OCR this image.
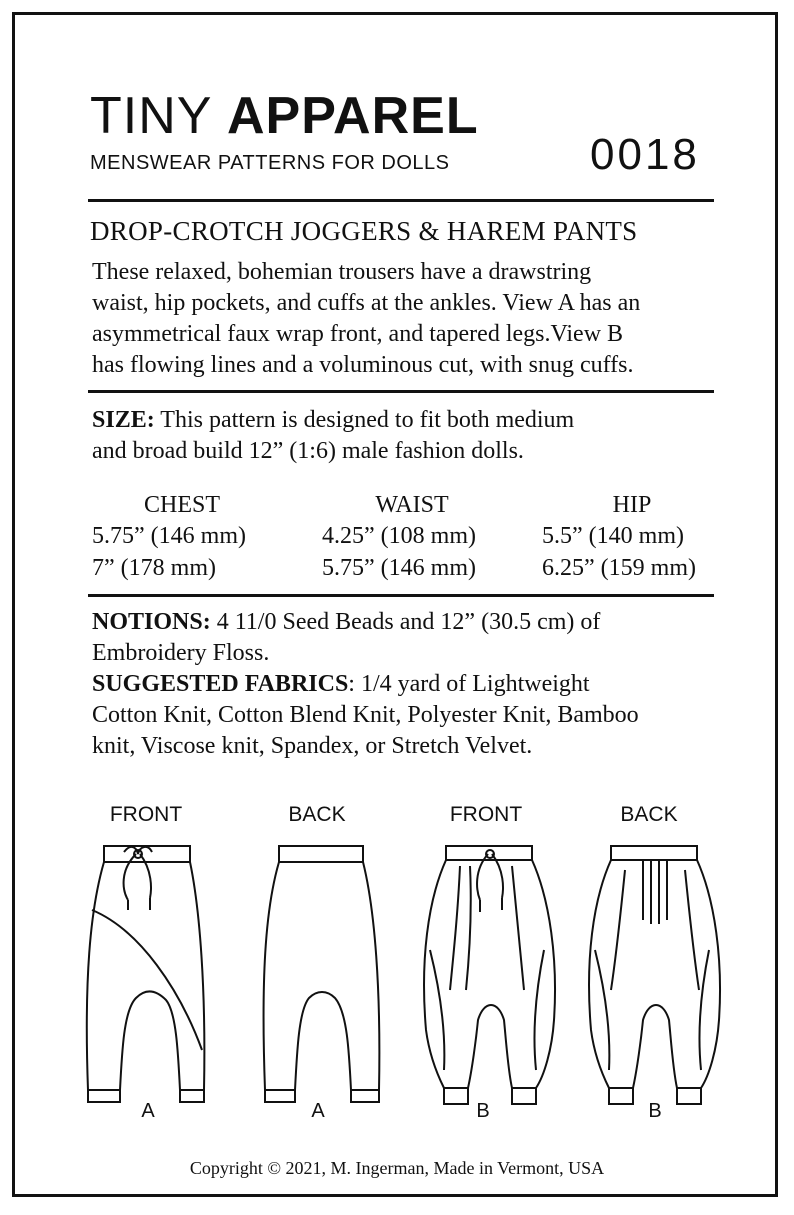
TINY APPAREL
MENSWEAR PATTERNS FOR DOLLS	0018
DROP-CROTCH JOGGERS & HAREM PANTS
These relaxed, bohemian trousers have a drawstring
waist, hip pockets, and cuffs at the ankles. View A has an
asymmetrical faux wrap front, and tapered legs.View B
has flowing lines and a voluminous cut, with snug cuffs.
SIZE: This pattern is designed to fit both medium
and broad build 12” (1:6) male fashion dolls.
CHEST		WAIST		HIP
5.75” (146 mm)		4.25” (108 mm)		5.5” (140 mm)
7” (178 mm)		5.75” (146 mm)		6.25” (159 mm)
NOTIONS: 4 11/0 Seed Beads and 12” (30.5 cm) of
Embroidery Floss.
SUGGESTED FABRICS: 1/4 yard of Lightweight
Cotton Knit, Cotton Blend Knit, Polyester Knit, Bamboo
knit, Viscose knit, Spandex, or Stretch Velvet.
FRONT	BACK	FRONT	BACK
A	A	B	B
Copyright © 2021, M. Ingerman, Made in Vermont, USA
